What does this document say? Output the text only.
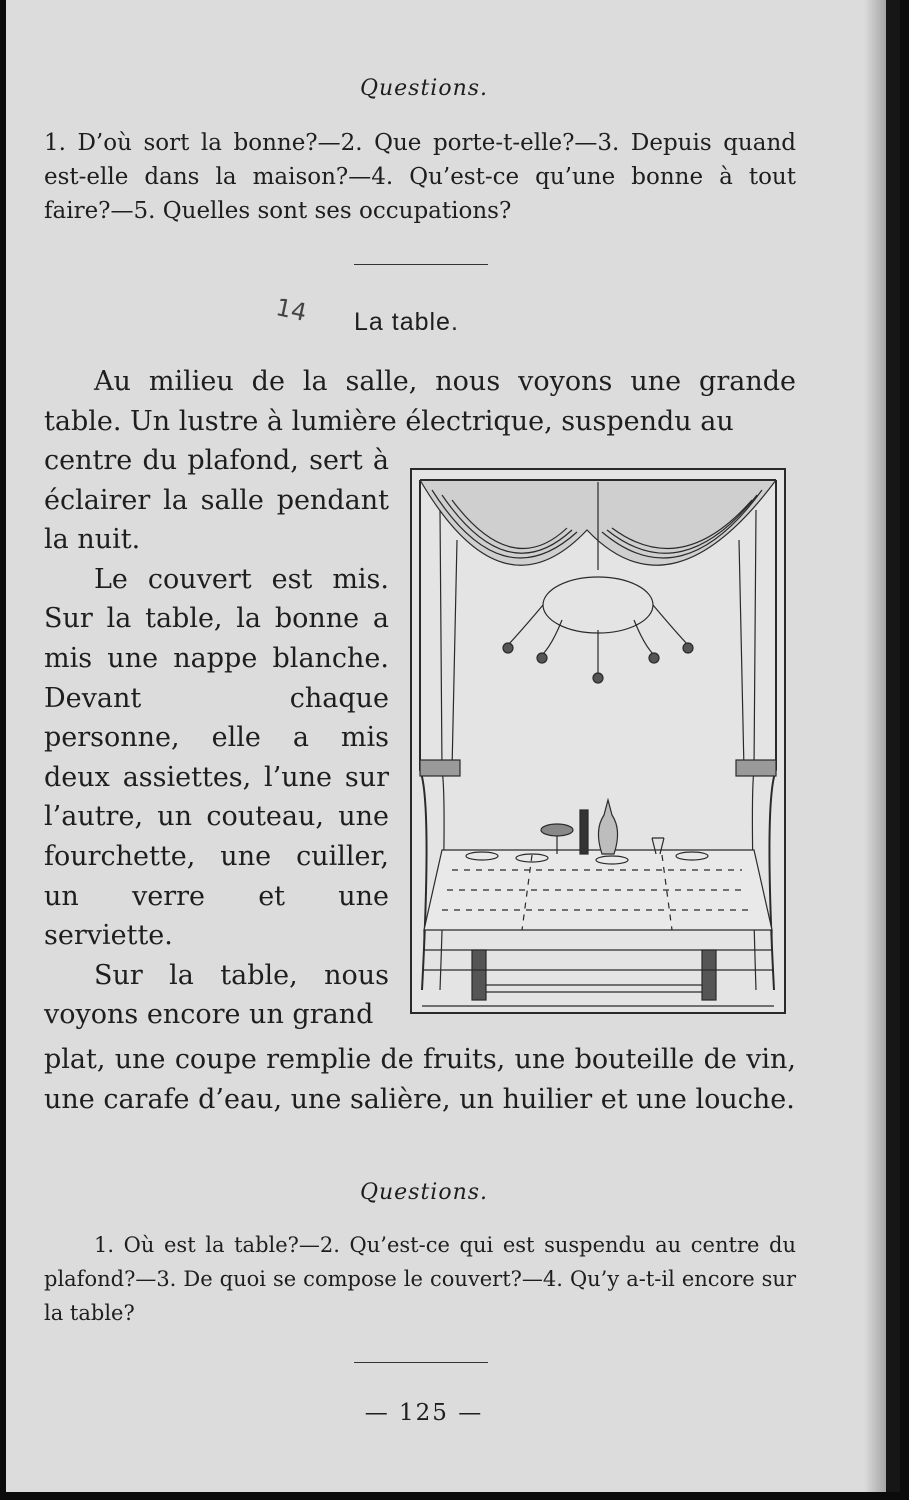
Questions.
1. D’où sort la bonne?—2. Que porte-t-elle?—3. Depuis quand est-elle dans la maison?—4. Qu’est-ce qu’une bonne à tout faire?—5. Quelles sont ses occupations?
14 La table.
Au milieu de la salle, nous voyons une grande table. Un lustre à lumière électrique, suspendu au

centre du plafond, sert à éclairer la salle pendant la nuit.

Le couvert est mis. Sur la table, la bonne a mis une nappe blanche. Devant chaque personne, elle a mis deux assiettes, l’une sur l’autre, un couteau, une fourchette, une cuiller, un verre et une serviette.

Sur la table, nous voyons encore un grand

plat, une coupe remplie de fruits, une bouteille de vin, une carafe d’eau, une salière, un huilier et une louche.
Questions.
1. Où est la table?—2. Qu’est-ce qui est suspendu au centre du plafond?—3. De quoi se compose le couvert?—4. Qu’y a-t-il encore sur la table?
— 125 —
